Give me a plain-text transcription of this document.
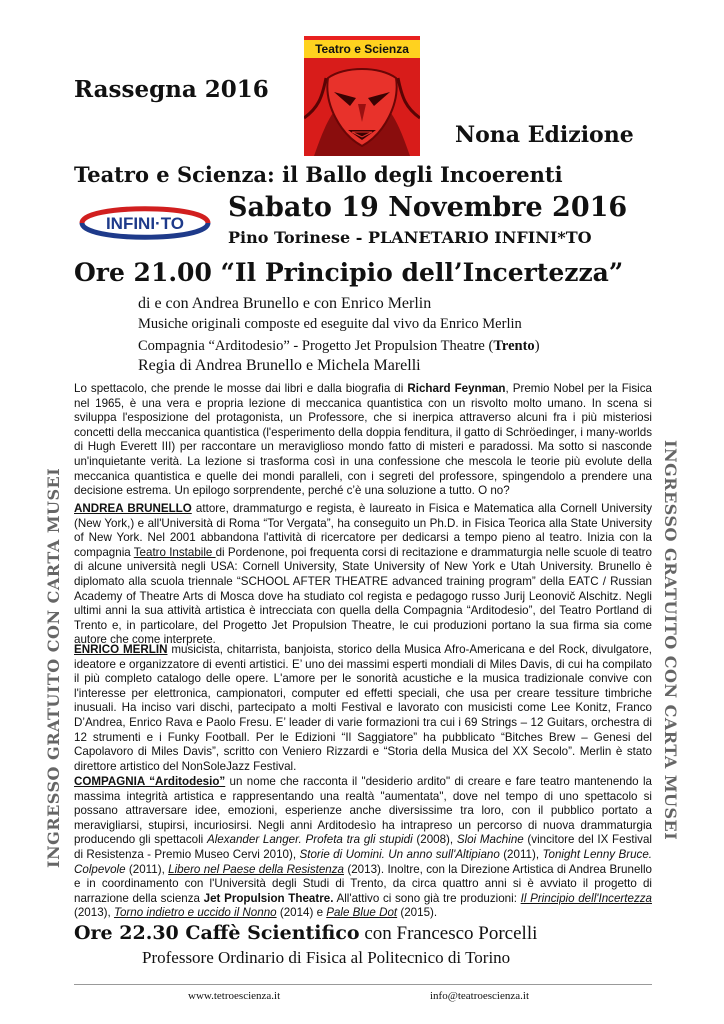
Teatro e Scienza
Rassegna 2016
Nona Edizione
Teatro e Scienza: il Ballo degli Incoerenti
INFINI·TO
Sabato 19 Novembre 2016
Pino Torinese - PLANETARIO INFINI*TO
Ore 21.00 “Il Principio dell’Incertezza”
di e con Andrea Brunello e con Enrico Merlin
Musiche originali composte ed eseguite dal vivo da Enrico Merlin
Compagnia “Arditodesio” - Progetto Jet Propulsion Theatre (Trento)
Regia di Andrea Brunello e Michela Marelli
INGRESSO GRATUITO CON CARTA MUSEI	INGRESSO GRATUITO CON CARTA MUSEI
Lo spettacolo, che prende le mosse dai libri e dalla biografia di Richard Feynman, Premio Nobel per la Fisica nel 1965, è una vera e propria lezione di meccanica quantistica con un risvolto molto umano. In scena si sviluppa l'esposizione del protagonista, un Professore, che si inerpica attraverso alcuni fra i più misteriosi concetti della meccanica quantistica (l'esperimento della doppia fenditura, il gatto di Schröedinger, i many-worlds di Hugh Everett III) per raccontare un meraviglioso mondo fatto di misteri e paradossi. Ma sotto si nasconde un'inquietante verità. La lezione si trasforma così in una confessione che mescola le teorie più evolute della meccanica quantistica e quelle dei mondi paralleli, con i segreti del professore, spingendolo a prendere una decisione estrema. Un epilogo sorprendente, perché c’è una soluzione a tutto. O no?
ANDREA BRUNELLO attore, drammaturgo e regista, è laureato in Fisica e Matematica alla Cornell University (New York,) e all'Università di Roma “Tor Vergata”, ha conseguito un Ph.D. in Fisica Teorica alla State University of New York. Nel 2001 abbandona l'attività di ricercatore per dedicarsi a tempo pieno al teatro. Inizia con la compagnia Teatro Instabile di Pordenone, poi frequenta corsi di recitazione e drammaturgia nelle scuole di teatro di alcune università negli USA: Cornell University, State University of New York e Utah University. Brunello è diplomato alla scuola triennale “SCHOOL AFTER THEATRE advanced training program” della EATC / Russian Academy of Theatre Arts di Mosca dove ha studiato col regista e pedagogo russo Jurij Leonovič Alschitz. Negli ultimi anni la sua attività artistica è intrecciata con quella della Compagnia “Arditodesio”, del Teatro Portland di Trento e, in particolare, del Progetto Jet Propulsion Theatre, le cui produzioni portano la sua firma sia come autore che come interprete.
ENRICO MERLIN musicista, chitarrista, banjoista, storico della Musica Afro-Americana e del Rock, divulgatore, ideatore e organizzatore di eventi artistici. E’ uno dei massimi esperti mondiali di Miles Davis, di cui ha compilato il più completo catalogo delle opere. L'amore per le sonorità acustiche e la musica tradizionale convive con l'interesse per elettronica, campionatori, computer ed effetti speciali, che usa per creare tessiture timbriche inusuali. Ha inciso vari dischi, partecipato a molti Festival e lavorato con musicisti come Lee Konitz, Franco D’Andrea, Enrico Rava e Paolo Fresu. E’ leader di varie formazioni tra cui i 69 Strings – 12 Guitars, orchestra di 12 strumenti e i Funky Football. Per le Edizioni “Il Saggiatore” ha pubblicato “Bitches Brew – Genesi del Capolavoro di Miles Davis”, scritto con Veniero Rizzardi e “Storia della Musica del XX Secolo”. Merlin è stato direttore artistico del NonSoleJazz Festival.
COMPAGNIA “Arditodesio” un nome che racconta il "desiderio ardito" di creare e fare teatro mantenendo la massima integrità artistica e rappresentando una realtà "aumentata", dove nel tempo di uno spettacolo si possano attraversare idee, emozioni, esperienze anche diversissime tra loro, con il pubblico portato a meravigliarsi, stupirsi, incuriosirsi. Negli anni Arditodesìo ha intrapreso un percorso di nuova drammaturgia producendo gli spettacoli Alexander Langer. Profeta tra gli stupidi (2008), Sloi Machine (vincitore del IX Festival di Resistenza - Premio Museo Cervi 2010), Storie di Uomini. Un anno sull'Altipiano (2011), Tonight Lenny Bruce. Colpevole (2011), Libero nel Paese della Resistenza (2013). Inoltre, con la Direzione Artistica di Andrea Brunello e in coordinamento con l'Università degli Studi di Trento, da circa quattro anni si è avviato il progetto di narrazione della scienza Jet Propulsion Theatre. All'attivo ci sono già tre produzioni: Il Principio dell'Incertezza (2013), Torno indietro e uccido il Nonno (2014) e Pale Blue Dot (2015).
Ore 22.30 Caffè Scientifico con Francesco Porcelli
Professore Ordinario di Fisica al Politecnico di Torino
www.tetroescienza.it	info@teatroescienza.it
